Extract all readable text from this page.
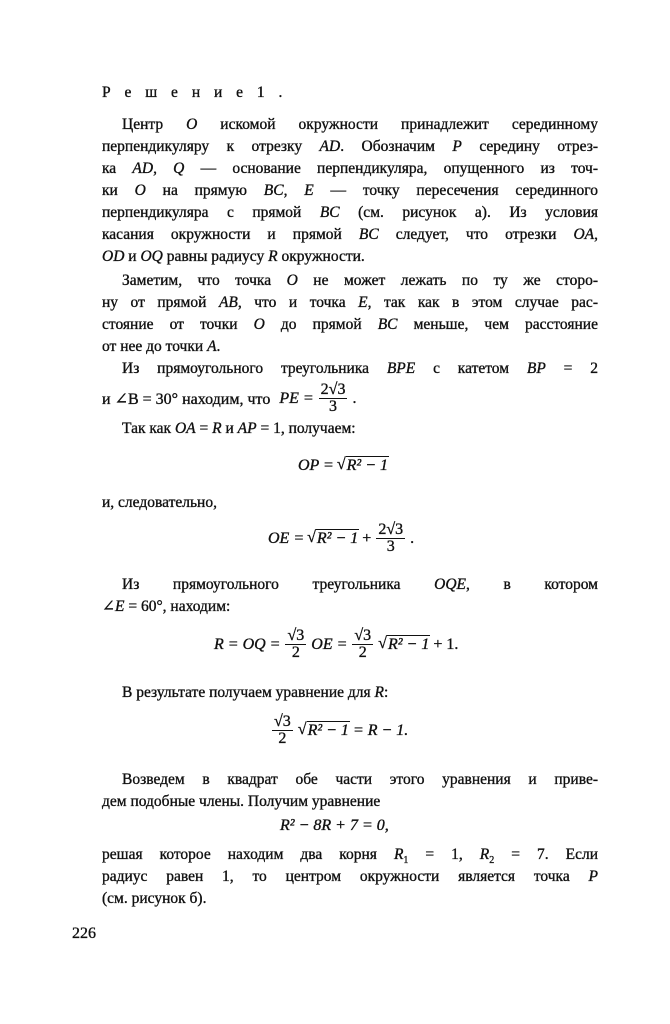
Р е ш е н и е 1 .
Центр O искомой окружности принадлежит серединному
перпендикуляру к отрезку AD. Обозначим P середину отрез-
ка AD, Q — основание перпендикуляра, опущенного из точ-
ки O на прямую BC, E — точку пересечения серединного
перпендикуляра с прямой BC (см. рисунок а). Из условия
касания окружности и прямой BC следует, что отрезки OA,
OD и OQ равны радиусу R окружности.
Заметим, что точка O не может лежать по ту же сторо-
ну от прямой AB, что и точка E, так как в этом случае рас-
стояние от точки O до прямой BC меньше, чем расстояние
от нее до точки A.
Из прямоугольного треугольника BPE с катетом BP = 2
Так как OA = R и AP = 1, получаем:
и, следовательно,
Из прямоугольного треугольника OQE, в котором
∠E = 60°, находим:
В результате получаем уравнение для R:
Возведем в квадрат обе части этого уравнения и приве-
дем подобные члены. Получим уравнение
решая которое находим два корня $R_1 = 1$, $R_2 = 7$. Если
радиус равен 1, то центром окружности является точка P
(см. рисунок б).
и ∠B = 30° находим, что PE = $\frac{2√3}{3}$ .
OP = √ R² − 1
OE = √ $R^2 - 1 + \frac{2√3}{3}$ .
R = OQ = $\frac{√3}{2}$ OE = $\frac{√3}{2}$ √ R² − 1 + 1.
$\frac{√3}{2}$ √ R² − 1 = R − 1.
R² − 8R + 7 = 0,
226
